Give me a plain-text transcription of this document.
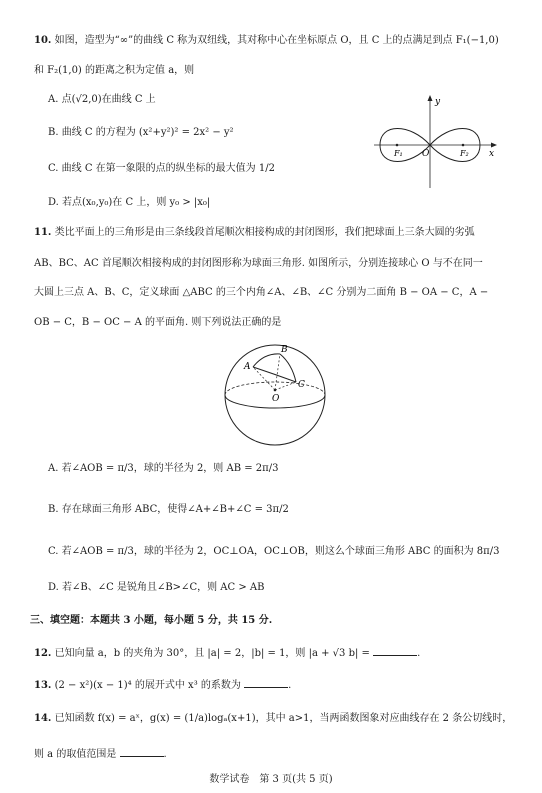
10. 如图，造型为“∞”的曲线 C 称为双纽线，其对称中心在坐标原点 O，且 C 上的点满足到点 F₁(−1,0)
和 F₂(1,0) 的距离之积为定值 a，则
A. 点(√2,0)在曲线 C 上
B. 曲线 C 的方程为 (x²+y²)² = 2x² − y²
C. 曲线 C 在第一象限的点的纵坐标的最大值为 1/2
D. 若点(x₀,y₀)在 C 上，则 y₀ > |x₀|
y
x
O
F₁	F₂
11. 类比平面上的三角形是由三条线段首尾顺次相接构成的封闭图形，我们把球面上三条大圆的劣弧
AB、BC、AC 首尾顺次相接构成的封闭图形称为球面三角形. 如图所示，分别连接球心 O 与不在同一
大圆上三点 A、B、C，定义球面 △ABC 的三个内角∠A、∠B、∠C 分别为二面角 B − OA − C，A −
OB − C，B − OC − A 的平面角. 则下列说法正确的是
A
B
C
O
A. 若∠AOB = π/3，球的半径为 2，则 AB = 2π/3
B. 存在球面三角形 ABC，使得∠A+∠B+∠C = 3π/2
C. 若∠AOB = π/3，球的半径为 2，OC⊥OA，OC⊥OB，则这么个球面三角形 ABC 的面积为 8π/3
D. 若∠B、∠C 是锐角且∠B>∠C，则 AC > AB
三、填空题：本题共 3 小题，每小题 5 分，共 15 分.
12. 已知向量 a，b 的夹角为 30°，且 |a| = 2，|b| = 1，则 |a + √3 b| =	.
13. (2 − x²)(x − 1)⁴ 的展开式中 x³ 的系数为	.
14. 已知函数 f(x) = aˣ，g(x) = (1/a)logₐ(x+1)，其中 a>1，当两函数图象对应曲线存在 2 条公切线时，
则 a 的取值范围是	.
数学试卷　第 3 页(共 5 页)
